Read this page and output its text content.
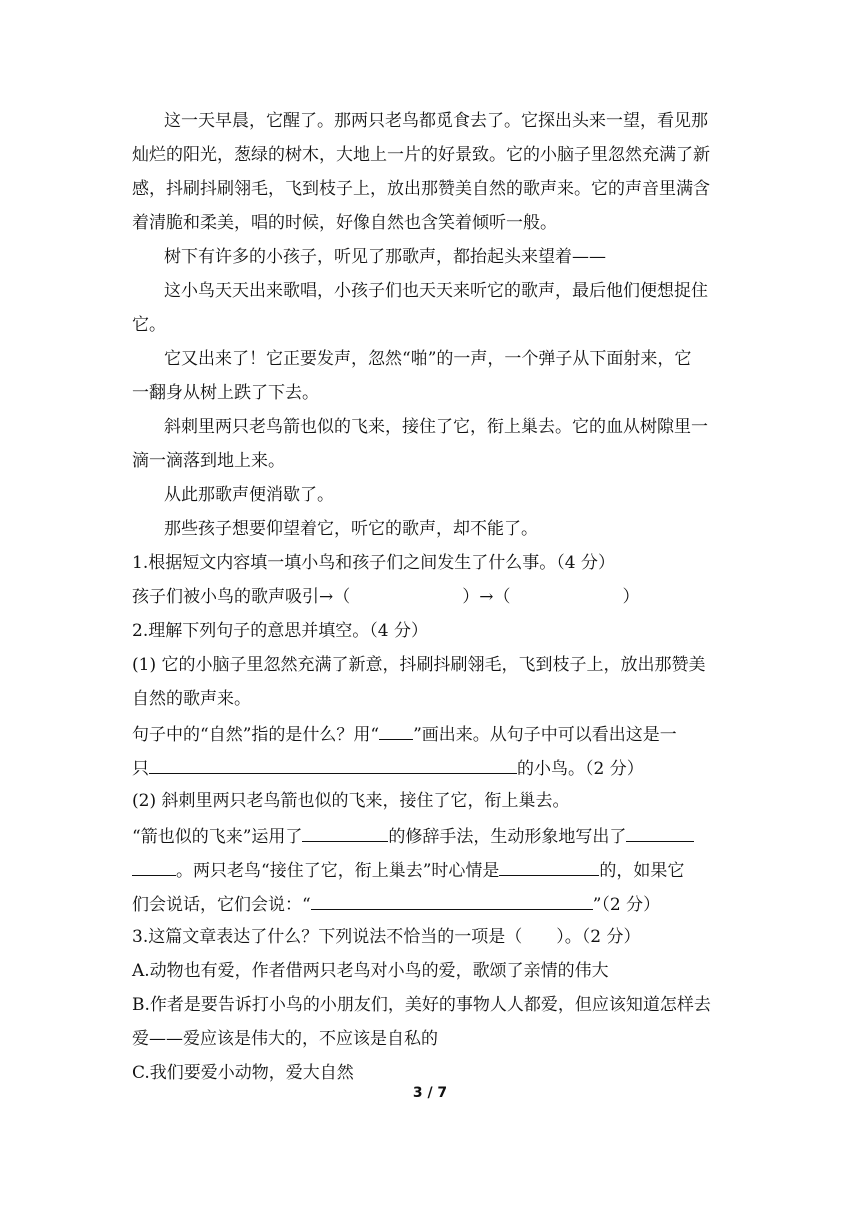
这一天早晨，它醒了。那两只老鸟都觅食去了。它探出头来一望，看见那
灿烂的阳光，葱绿的树木，大地上一片的好景致。它的小脑子里忽然充满了新
感，抖刷抖刷翎毛，飞到枝子上，放出那赞美自然的歌声来。它的声音里满含
着清脆和柔美，唱的时候，好像自然也含笑着倾听一般。
树下有许多的小孩子，听见了那歌声，都抬起头来望着——
这小鸟天天出来歌唱，小孩子们也天天来听它的歌声，最后他们便想捉住
它。
它又出来了！它正要发声，忽然“啪”的一声，一个弹子从下面射来，它
一翻身从树上跌了下去。
斜刺里两只老鸟箭也似的飞来，接住了它，衔上巢去。它的血从树隙里一
滴一滴落到地上来。
从此那歌声便消歇了。
那些孩子想要仰望着它，听它的歌声，却不能了。
1.根据短文内容填一填小鸟和孩子们之间发生了什么事。（4 分）
孩子们被小鸟的歌声吸引→（	）→（	）
2.理解下列句子的意思并填空。（4 分）
(1) 它的小脑子里忽然充满了新意，抖刷抖刷翎毛，飞到枝子上，放出那赞美
自然的歌声来。
句子中的“自然”指的是什么？用“ ”画出来。从句子中可以看出这是一
只	的小鸟。（2 分）
(2) 斜刺里两只老鸟箭也似的飞来，接住了它，衔上巢去。
“箭也似的飞来”运用了	的修辞手法，生动形象地写出了
。两只老鸟“接住了它，衔上巢去”时心情是	的，如果它
们会说话，它们会说：“	”（2 分）
3.这篇文章表达了什么？下列说法不恰当的一项是（ ）。（2 分）
A.动物也有爱，作者借两只老鸟对小鸟的爱，歌颂了亲情的伟大
B.作者是要告诉打小鸟的小朋友们，美好的事物人人都爱，但应该知道怎样去
爱——爱应该是伟大的，不应该是自私的
C.我们要爱小动物，爱大自然
3 / 7
